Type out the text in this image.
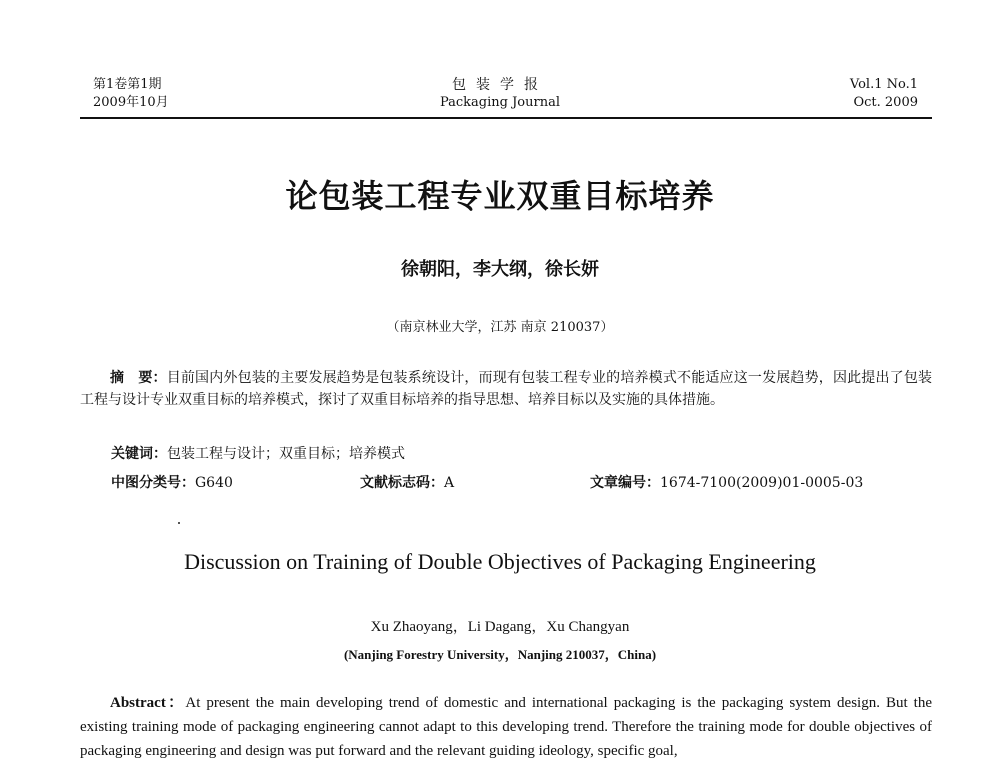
第1卷第1期
2009年10月
包装学报
Packaging Journal
Vol.1 No.1
Oct. 2009
论包装工程专业双重目标培养
徐朝阳，李大纲，徐长妍
（南京林业大学，江苏 南京 210037）
摘　要：目前国内外包装的主要发展趋势是包装系统设计，而现有包装工程专业的培养模式不能适应这一发展趋势，因此提出了包装工程与设计专业双重目标的培养模式，探讨了双重目标培养的指导思想、培养目标以及实施的具体措施。
关键词：包装工程与设计；双重目标；培养模式
中图分类号：G640	文献标志码：A	文章编号：1674-7100(2009)01-0005-03
Discussion on Training of Double Objectives of Packaging Engineering
Xu Zhaoyang，Li Dagang，Xu Changyan
(Nanjing Forestry University，Nanjing 210037，China)
Abstract：At present the main developing trend of domestic and international packaging is the packaging system design. But the existing training mode of packaging engineering cannot adapt to this developing trend. Therefore the training mode for double objectives of packaging engineering and design was put forward and the relevant guiding ideology, specific goal,
